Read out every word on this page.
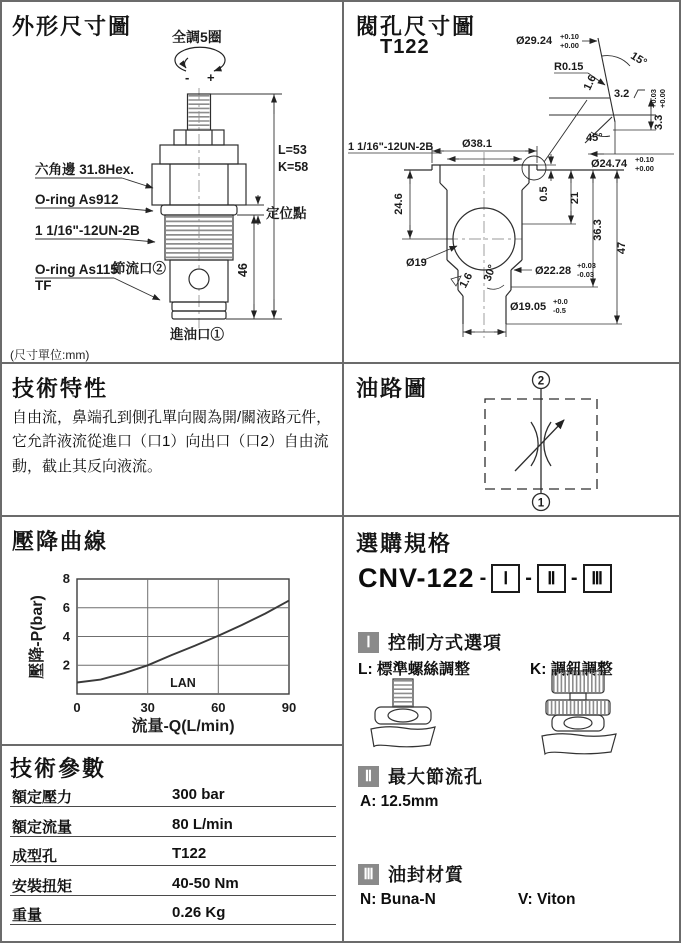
外形尺寸圖
(尺寸單位:mm)
全調5圈
- +
六角邊 31.8Hex.
O-ring As912
1 1/16"-12UN-2B
O-ring As115
TF
節流口②
進油口①
定位點
46
L=53
K=58
閥孔尺寸圖
T122
Ø38.1
1 1/16"-12UN-2B
24.6	0.5 21
36.3
47
Ø19
1.6 30°	Ø22.28 +0.03
-0.03
Ø19.05 +0.0
-0.5
Ø29.24 +0.10
+0.00
R0.15
1.6
15°
3.2
3.3
+0.03 +0.00
45°
Ø24.74 +0.10
+0.00
技術特性
自由流，鼻端孔到側孔單向閥為開/關液路元件，它允許液流從進口（口1）向出口（口2）自由流動，截止其反向液流。
油路圖	2
1
壓降曲線
8
6
4
2
0	30	60	90
LAN
流量-Q(L/min)
壓降-P(bar)
選購規格
CNV-122 - Ⅰ - Ⅱ - Ⅲ
Ⅰ 控制方式選項
L: 標準螺絲調整	K: 調鈕調整
Ⅱ 最大節流孔
A: 12.5mm
Ⅲ 油封材質
N: Buna-N	V: Viton
技術參數
額定壓力	300 bar
額定流量	80 L/min
成型孔	T122
安裝扭矩	40-50 Nm
重量	0.26 Kg
